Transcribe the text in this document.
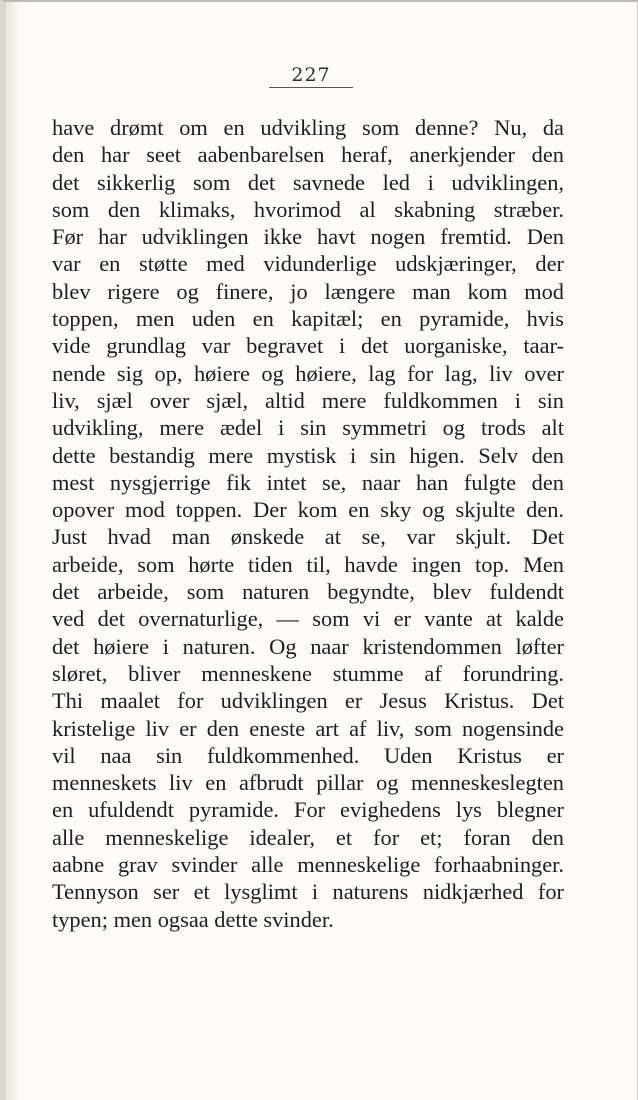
227
have drømt om en udvikling som denne? Nu, da
den har seet aabenbarelsen heraf, anerkjender den
det sikkerlig som det savnede led i udviklingen,
som den klimaks, hvorimod al skabning stræber.
Før har udviklingen ikke havt nogen fremtid. Den
var en støtte med vidunderlige udskjæringer, der
blev rigere og finere, jo længere man kom mod
toppen, men uden en kapitæl; en pyramide, hvis
vide grundlag var begravet i det uorganiske, taar-
nende sig op, høiere og høiere, lag for lag, liv over
liv, sjæl over sjæl, altid mere fuldkommen i sin
udvikling, mere ædel i sin symmetri og trods alt
dette bestandig mere mystisk i sin higen. Selv den
mest nysgjerrige fik intet se, naar han fulgte den
opover mod toppen. Der kom en sky og skjulte den.
Just hvad man ønskede at se, var skjult. Det
arbeide, som hørte tiden til, havde ingen top. Men
det arbeide, som naturen begyndte, blev fuldendt
ved det overnaturlige, — som vi er vante at kalde
det høiere i naturen. Og naar kristendommen løfter
sløret, bliver menneskene stumme af forundring.
Thi maalet for udviklingen er Jesus Kristus. Det
kristelige liv er den eneste art af liv, som nogensinde
vil naa sin fuldkommenhed. Uden Kristus er
menneskets liv en afbrudt pillar og menneskeslegten
en ufuldendt pyramide. For evighedens lys blegner
alle menneskelige idealer, et for et; foran den
aabne grav svinder alle menneskelige forhaabninger.
Tennyson ser et lysglimt i naturens nidkjærhed for
typen; men ogsaa dette svinder.
